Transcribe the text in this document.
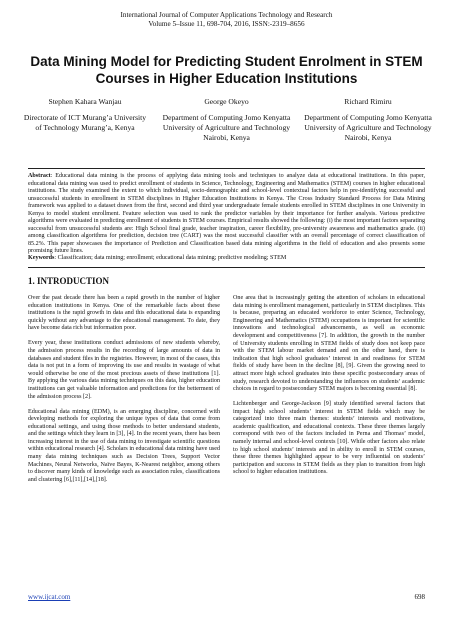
International Journal of Computer Applications Technology and Research
Volume 5–Issue 11, 698-704, 2016, ISSN:-2319–8656
Data Mining Model for Predicting Student Enrolment in STEM Courses in Higher Education Institutions
Stephen Kahara Wanjau
Directorate of ICT Murang’a University of Technology Murang’a, Kenya
George Okeyo
Department of Computing Jomo Kenyatta University of Agriculture and Technology Nairobi, Kenya
Richard Rimiru
Department of Computing Jomo Kenyatta University of Agriculture and Technology Nairobi, Kenya
Abstract: Educational data mining is the process of applying data mining tools and techniques to analyze data at educational institutions. In this paper, educational data mining was used to predict enrollment of students in Science, Technology, Engineering and Mathematics (STEM) courses in higher educational institutions. The study examined the extent to which individual, socio-demographic and school-level contextual factors help in pre-identifying successful and unsuccessful students in enrollment in STEM disciplines in Higher Education Institutions in Kenya. The Cross Industry Standard Process for Data Mining framework was applied to a dataset drawn from the first, second and third year undergraduate female students enrolled in STEM disciplines in one University in Kenya to model student enrollment. Feature selection was used to rank the predictor variables by their importance for further analysis. Various predictive algorithms were evaluated in predicting enrollment of students in STEM courses. Empirical results showed the following: (i) the most important factors separating successful from unsuccessful students are: High School final grade, teacher inspiration, career flexibility, pre-university awareness and mathematics grade. (ii) among classification algorithms for prediction, decision tree (CART) was the most successful classifier with an overall percentage of correct classification of 85.2%. This paper showcases the importance of Prediction and Classification based data mining algorithms in the field of education and also presents some promising future lines.
Keywords: Classification; data mining; enrollment; educational data mining; predictive modeling; STEM
1. INTRODUCTION

Over the past decade there has been a rapid growth in the number of higher education institutions in Kenya. One of the remarkable facts about these institutions is the rapid growth in data and this educational data is expanding quickly without any advantage to the educational management. To date, they have become data rich but information poor.

Every year, these institutions conduct admissions of new students whereby, the admission process results in the recording of large amounts of data in databases and student files in the registries. However, in most of the cases, this data is not put in a form of improving its use and results in wastage of what would otherwise be one of the most precious assets of these institutions [1]. By applying the various data mining techniques on this data, higher education institutions can get valuable information and predictions for the betterment of the admission process [2].

Educational data mining (EDM), is an emerging discipline, concerned with developing methods for exploring the unique types of data that come from educational settings, and using those methods to better understand students, and the settings which they learn in [3], [4]. In the recent years, there has been increasing interest in the use of data mining to investigate scientific questions within educational research [4]. Scholars in educational data mining have used many data mining techniques such as Decision Trees, Support Vector Machines, Neural Networks, Naïve Bayes, K-Nearest neighbor, among others to discover many kinds of knowledge such as association rules, classifications and clustering [6],[11],[14],[18].

One area that is increasingly getting the attention of scholars in educational data mining is enrollment management, particularly in STEM disciplines. This is because, preparing an educated workforce to enter Science, Technology, Engineering and Mathematics (STEM) occupations is important for scientific innovations and technological advancements, as well as economic development and competitiveness [7]. In addition, the growth in the number of University students enrolling in STEM fields of study does not keep pace with the STEM labour market demand and on the other hand, there is indication that high school graduates’ interest in and readiness for STEM fields of study have been in the decline [8], [9]. Given the growing need to attract more high school graduates into these specific postsecondary areas of study, research devoted to understanding the influences on students’ academic choices in regard to postsecondary STEM majors is becoming essential [8].

Lichtenberger and George-Jackson [9] study identified several factors that impact high school students’ interest in STEM fields which may be categorized into three main themes: students’ interests and motivations, academic qualification, and educational contexts. These three themes largely correspond with two of the factors included in Perna and Thomas’ model, namely internal and school-level contexts [10]. While other factors also relate to high school students’ interests and in ability to enroll in STEM courses, these three themes highlighted appear to be very influential on students’ participation and success in STEM fields as they plan to transition from high school to higher education institutions.

www.ijcat.com	698
